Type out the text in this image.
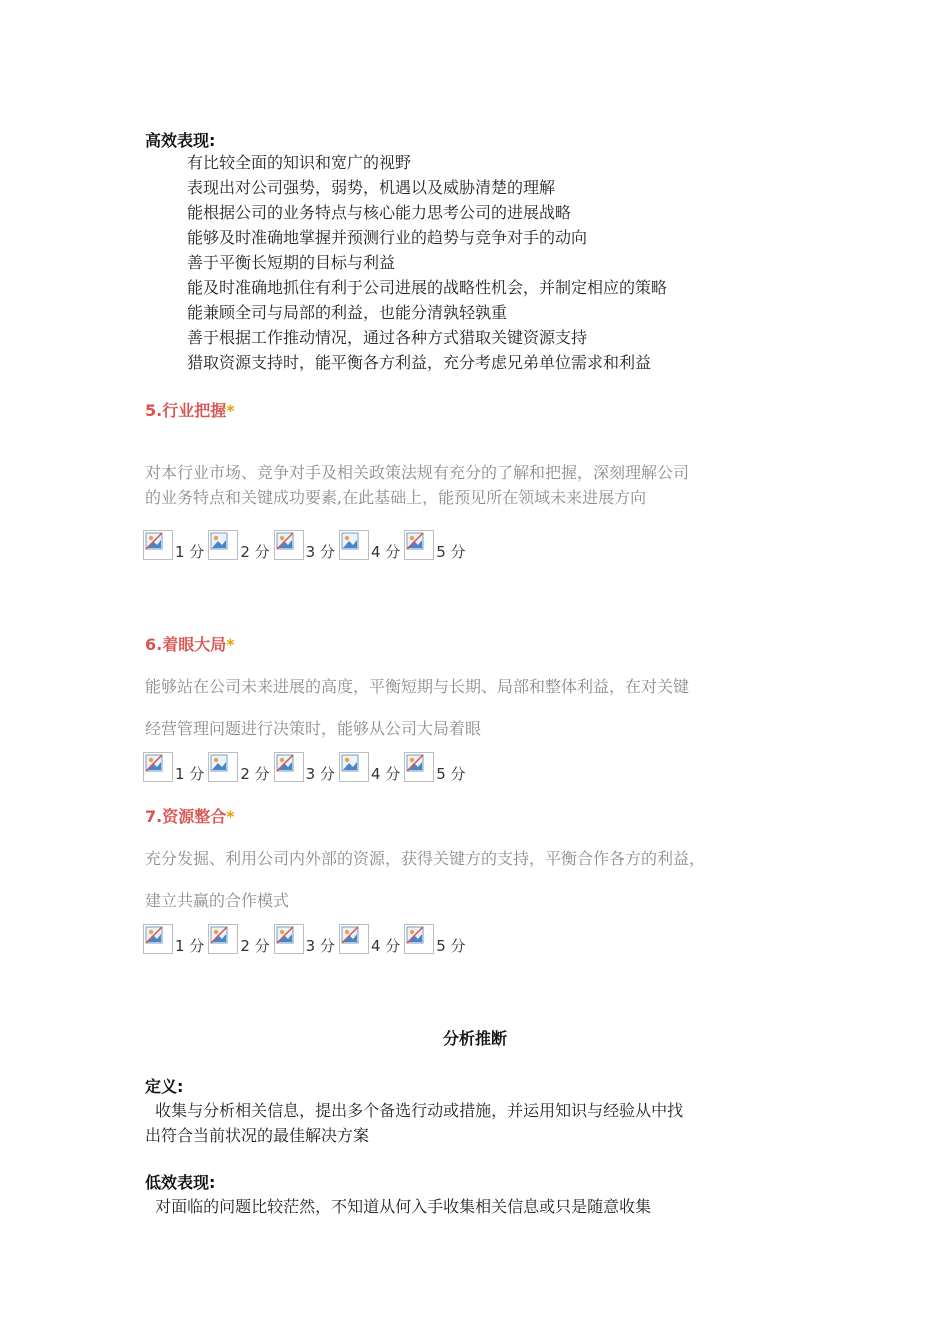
高效表现:
有比较全面的知识和宽广的视野
表现出对公司强势，弱势，机遇以及威胁清楚的理解
能根据公司的业务特点与核心能力思考公司的进展战略
能够及时准确地掌握并预测行业的趋势与竞争对手的动向
善于平衡长短期的目标与利益
能及时准确地抓住有利于公司进展的战略性机会，并制定相应的策略
能兼顾全司与局部的利益，也能分清孰轻孰重
善于根据工作推动情况，通过各种方式猎取关键资源支持
猎取资源支持时，能平衡各方利益，充分考虑兄弟单位需求和利益
5.行业把握*
对本行业市场、竞争对手及相关政策法规有充分的了解和把握，深刻理解公司
的业务特点和关键成功要素,在此基础上，能预见所在领域未来进展方向
1 分 2 分 3 分 4 分 5 分
6.着眼大局*
能够站在公司未来进展的高度，平衡短期与长期、局部和整体利益，在对关键
经营管理问题进行决策时，能够从公司大局着眼
1 分 2 分 3 分 4 分 5 分
7.资源整合*
充分发掘、利用公司内外部的资源，获得关键方的支持，平衡合作各方的利益，
建立共赢的合作模式
1 分 2 分 3 分 4 分 5 分
分析推断
定义:
收集与分析相关信息，提出多个备选行动或措施，并运用知识与经验从中找
出符合当前状况的最佳解决方案
低效表现:
对面临的问题比较茫然，不知道从何入手收集相关信息或只是随意收集
